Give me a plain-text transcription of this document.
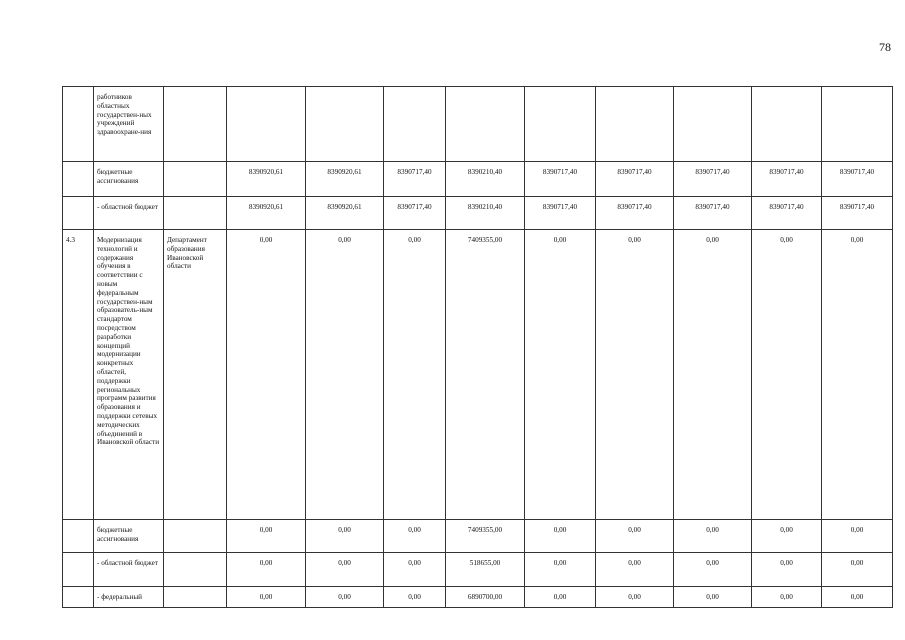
78
	работников областных государствен-ных учреждений здравоохране-ния										
	бюджетные ассигнования		8390920,61	8390920,61	8390717,40	8390210,40	8390717,40	8390717,40	8390717,40	8390717,40	8390717,40
	- областной бюджет		8390920,61	8390920,61	8390717,40	8390210,40	8390717,40	8390717,40	8390717,40	8390717,40	8390717,40
4.3	Модернизация технологий и содержания обучения в соответствии с новым федеральным государствен-ным образователь-ным стандартом посредством разработки концепций модернизации конкретных областей, поддержки региональных программ развития образования и поддержки сетевых методических объединений в Ивановской области	Департамент образования Ивановской области	0,00	0,00	0,00	7409355,00	0,00	0,00	0,00	0,00	0,00
	бюджетные ассигнования		0,00	0,00	0,00	7409355,00	0,00	0,00	0,00	0,00	0,00
	- областной бюджет		0,00	0,00	0,00	518655,00	0,00	0,00	0,00	0,00	0,00
	- федеральный		0,00	0,00	0,00	6890700,00	0,00	0,00	0,00	0,00	0,00
